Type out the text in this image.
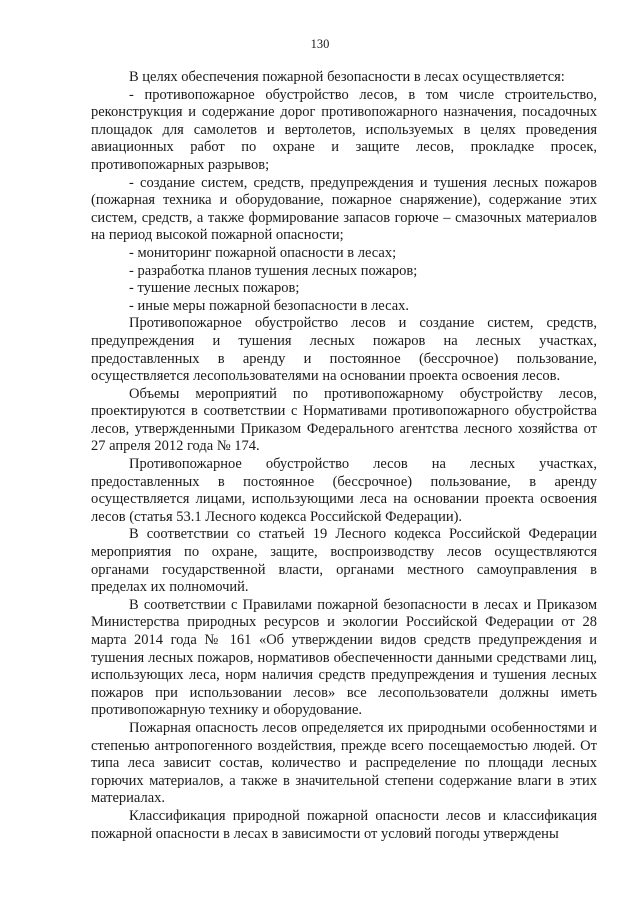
130

В целях обеспечения пожарной безопасности в лесах осуществляется:

- противопожарное обустройство лесов, в том числе строительство, реконструкция и содержание дорог противопожарного назначения, посадочных площадок для самолетов и вертолетов, используемых в целях проведения авиационных работ по охране и защите лесов, прокладке просек, противопожарных разрывов;

- создание систем, средств, предупреждения и тушения лесных пожаров (пожарная техника и оборудование, пожарное снаряжение), содержание этих систем, средств, а также формирование запасов горюче – смазочных материалов на период высокой пожарной опасности;

- мониторинг пожарной опасности в лесах;

- разработка планов тушения лесных пожаров;

- тушение лесных пожаров;

- иные меры пожарной безопасности в лесах.

Противопожарное обустройство лесов и создание систем, средств, предупреждения и тушения лесных пожаров на лесных участках, предоставленных в аренду и постоянное (бессрочное) пользование, осуществляется лесопользователями на основании проекта освоения лесов.

Объемы мероприятий по противопожарному обустройству лесов, проектируются в соответствии с Нормативами противопожарного обустройства лесов, утвержденными Приказом Федерального агентства лесного хозяйства от 27 апреля 2012 года № 174.

Противопожарное обустройство лесов на лесных участках, предоставленных в постоянное (бессрочное) пользование, в аренду осуществляется лицами, использующими леса на основании проекта освоения лесов (статья 53.1 Лесного кодекса Российской Федерации).

В соответствии со статьей 19 Лесного кодекса Российской Федерации мероприятия по охране, защите, воспроизводству лесов осуществляются органами государственной власти, органами местного самоуправления в пределах их полномочий.

В соответствии с Правилами пожарной безопасности в лесах и Приказом Министерства природных ресурсов и экологии Российской Федерации от 28 марта 2014 года № 161 «Об утверждении видов средств предупреждения и тушения лесных пожаров, нормативов обеспеченности данными средствами лиц, использующих леса, норм наличия средств предупреждения и тушения лесных пожаров при использовании лесов» все лесопользователи должны иметь противопожарную технику и оборудование.

Пожарная опасность лесов определяется их природными особенностями и степенью антропогенного воздействия, прежде всего посещаемостью людей. От типа леса зависит состав, количество и распределение по площади лесных горючих материалов, а также в значительной степени содержание влаги в этих материалах.

Классификация природной пожарной опасности лесов и классификация пожарной опасности в лесах в зависимости от условий погоды утверждены
